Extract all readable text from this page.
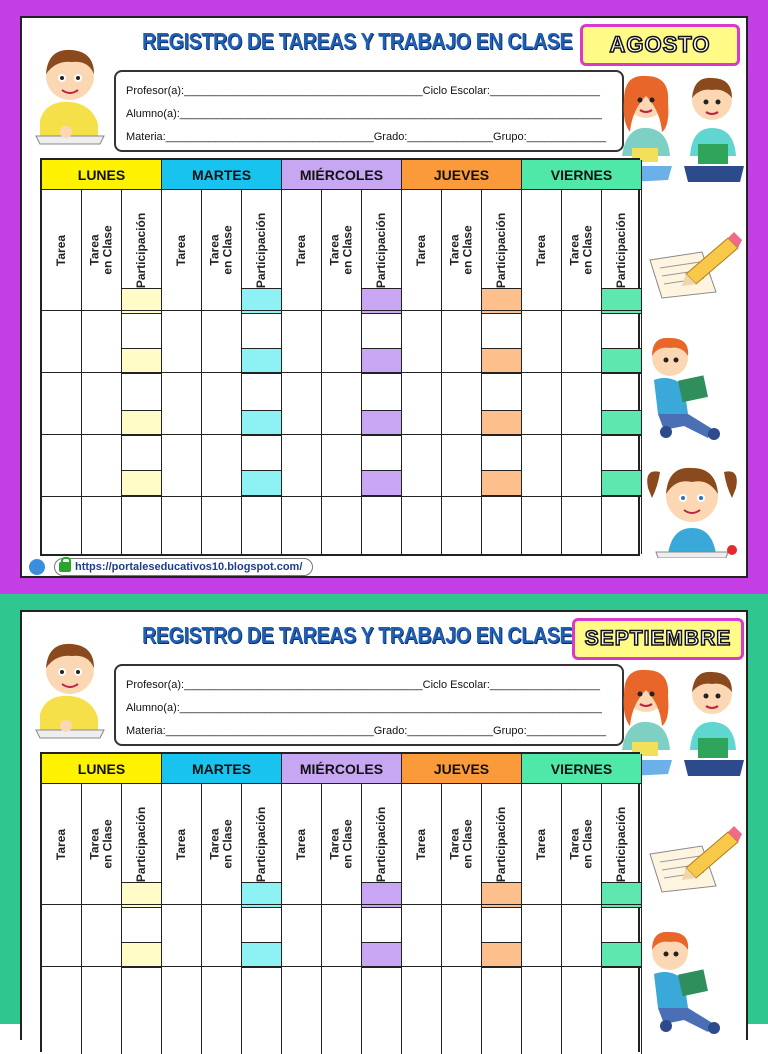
REGISTRO DE TAREAS Y TRABAJO EN CLASE	AGOSTO
Profesor(a):_______________________________________Ciclo Escolar:__________________
Alumno(a):_____________________________________________________________________
Materia:__________________________________Grado:______________Grupo:_____________
LUNES
Tarea Tarea en Clase Participación
MARTES
Tarea Tarea en Clase Participación
MIÉRCOLES
Tarea Tarea en Clase Participación
JUEVES
Tarea Tarea en Clase Participación
VIERNES
Tarea Tarea en Clase Participación
https://portaleseducativos10.blogspot.com/
REGISTRO DE TAREAS Y TRABAJO EN CLASE SEPTIEMBRE
Profesor(a):_______________________________________Ciclo Escolar:__________________
Alumno(a):_____________________________________________________________________
Materia:__________________________________Grado:______________Grupo:_____________
LUNES
Tarea Tarea en Clase Participación
MARTES
Tarea Tarea en Clase Participación
MIÉRCOLES
Tarea Tarea en Clase Participación
JUEVES
Tarea Tarea en Clase Participación
VIERNES
Tarea Tarea en Clase Participación
